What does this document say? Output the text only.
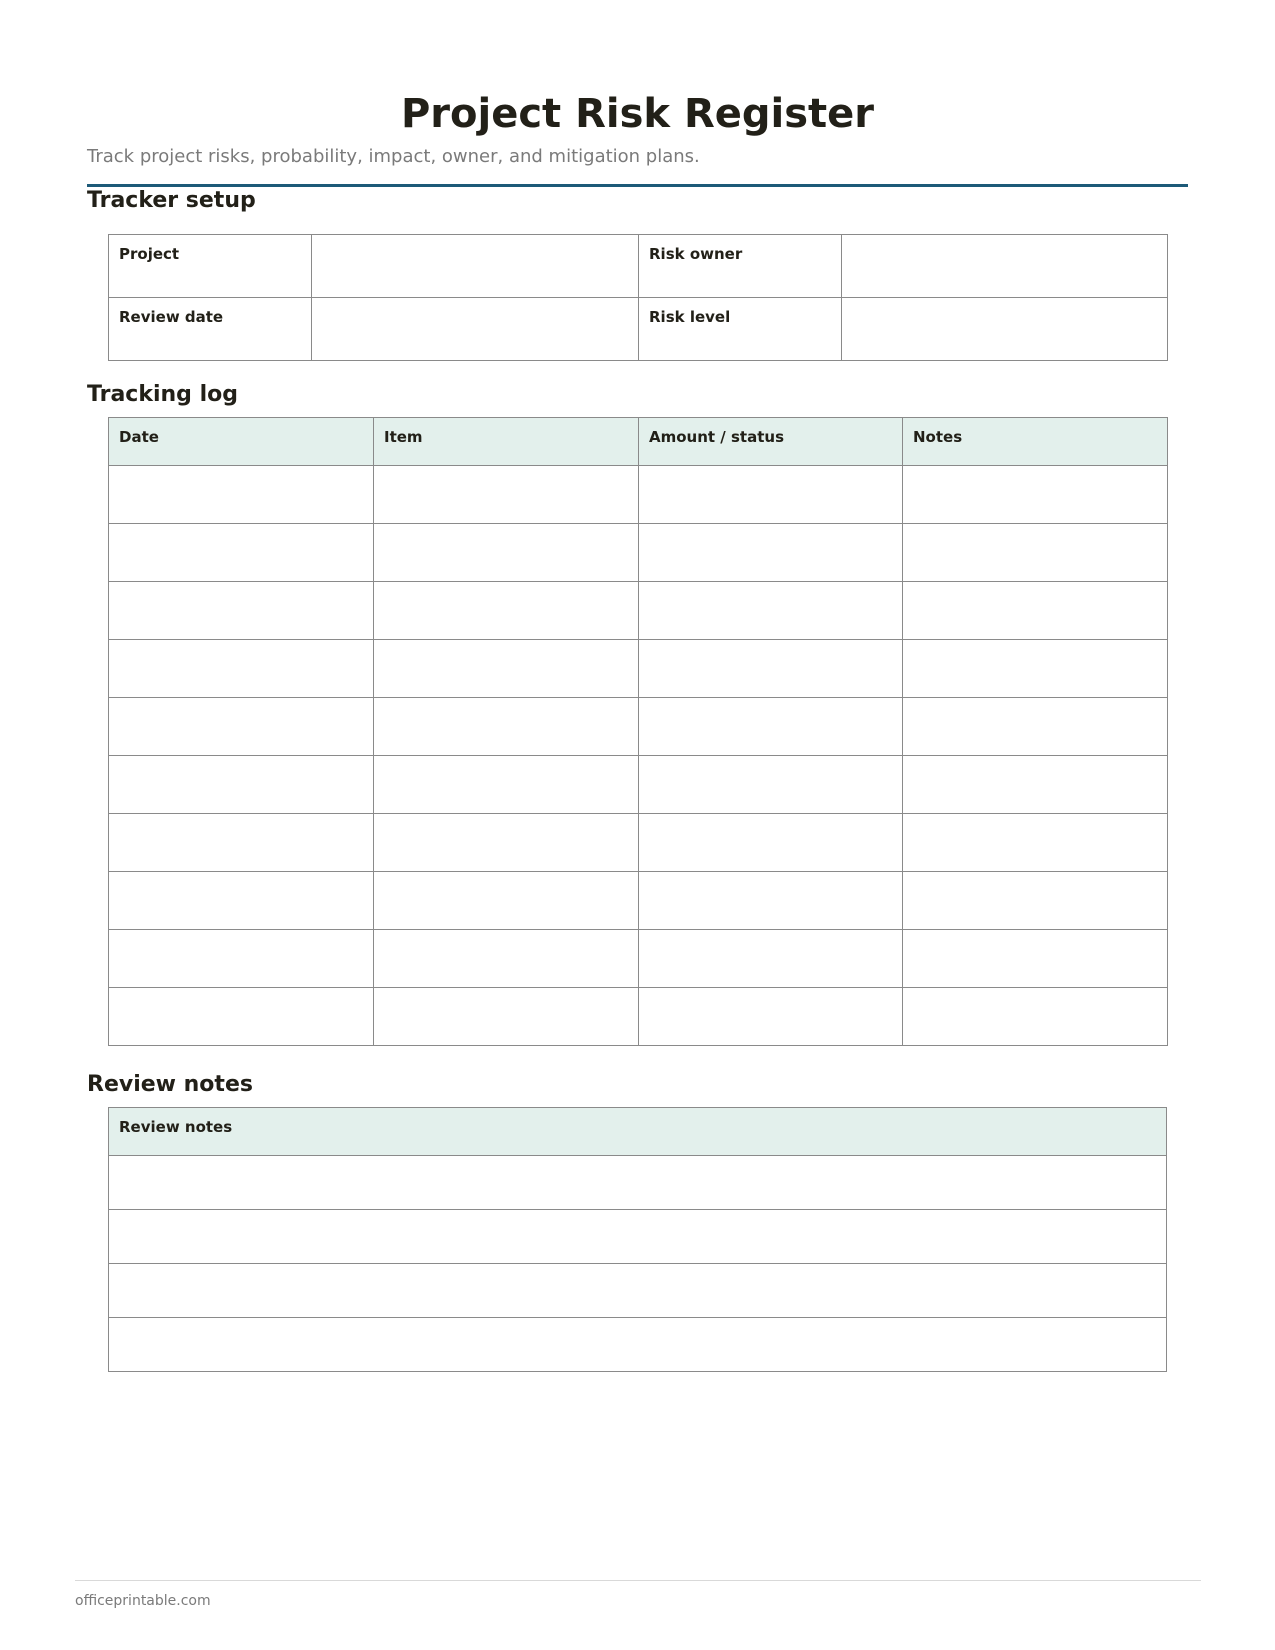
Project Risk Register

Track project risks, probability, impact, owner, and mitigation plans.

Tracker setup
Project		Risk owner	
Review date		Risk level	
Tracking log
Date	Item	Amount / status	Notes

Review notes
Review notes

officeprintable.com
